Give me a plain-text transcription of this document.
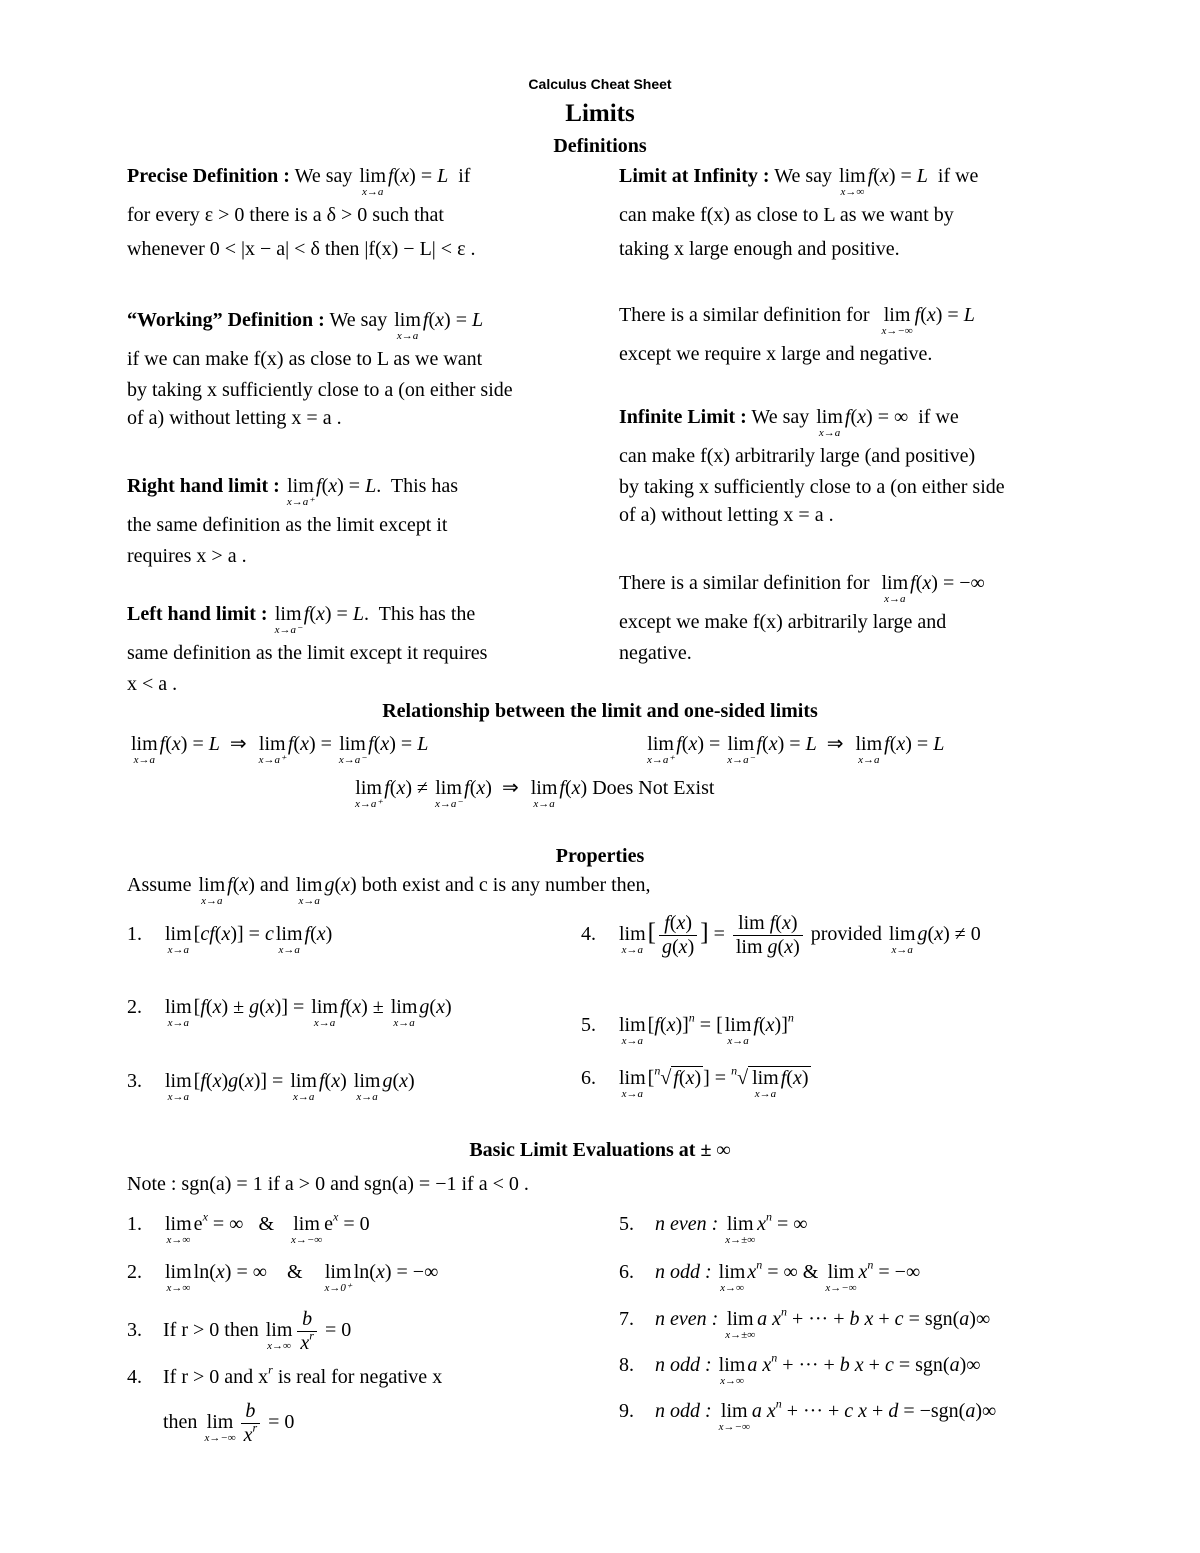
Calculus Cheat Sheet
Limits
Definitions
Precise Definition : We say lim
x→a
f(x) = L if
for every ε > 0 there is a δ > 0 such that
whenever 0 < |x − a| < δ then |f(x) − L| < ε .
“Working” Definition : We say lim
x→a
f(x) = L
if we can make f(x) as close to L as we want
by taking x sufficiently close to a (on either side
of a) without letting x = a .
Right hand limit : lim
x→a⁺
f(x) = L.  This has
the same definition as the limit except it
requires x > a .
Left hand limit : lim
x→a⁻
f(x) = L.  This has the
same definition as the limit except it requires
x < a .
Limit at Infinity : We say lim
x→∞
f(x) = L if we
can make f(x) as close to L as we want by
taking x large enough and positive.
There is a similar definition for lim
x→−∞
f(x) = L
except we require x large and negative.
Infinite Limit : We say lim
x→a
f(x) = ∞  if we
can make f(x) arbitrarily large (and positive)
by taking x sufficiently close to a (on either side
of a) without letting x = a .
There is a similar definition for lim
x→a
f(x) = −∞
except we make f(x) arbitrarily large and
negative.
Relationship between the limit and one-sided limits
lim
x→a
f(x) = L  ⇒ lim
x→a⁺
f(x) = lim
x→a⁻
f(x) = L	lim
x→a⁺
f(x) = lim
x→a⁻
f(x) = L  ⇒ lim
x→a
f(x) = L
lim
x→a⁺
f(x) ≠ lim
x→a⁻
f(x)  ⇒ lim
x→a
f(x) Does Not Exist
Properties
Assume lim
x→a
f(x) and lim
x→a
g(x) both exist and c is any number then,
1. lim
x→a
[cf(x)] = c lim
x→a
f(x)
2. lim
x→a
[f(x) ± g(x)] = lim
x→a
f(x) ± lim
x→a
g(x)
3. lim
x→a
[f(x)g(x)] = lim
x→a
f(x) lim
x→a
g(x)
4. lim
x→a
[ $\frac{f(x)}{g(x)}$ ] = $\frac{\text{lim f(x)}}{\text{lim g(x)}}$ provided lim
x→a
g(x) ≠ 0
5. lim
x→a
$[f(x)]^n$ = [ lim
x→a
f(x)]$^n$
6. lim
x→a
[$^n$√ f(x) ] = $^n$√ lim
x→a
f(x)
Basic Limit Evaluations at ± ∞
Note : sgn(a) = 1 if a > 0 and sgn(a) = −1 if a < 0 .
1. lim
x→∞
$e^x$ = ∞   & lim
x→−∞
$e^x = 0$
2. lim
x→∞
ln(x) = ∞    & lim
x→0⁺
ln(x) = −∞
3. If r > 0 then lim
$x\to\infty \frac{b}{x^r} = 0$
4. If r > 0 and $x^r$ is real for negative x
then lim
$x\to-\infty \frac{b}{x^r} = 0$
5. n even : lim
x→±∞
$x^n$ = ∞
6. n odd : lim
x→∞
$x^n$ = ∞ & lim
x→−∞
$x^n$ = −∞
7. n even : lim
x→±∞
a $x^n$ + ··· + b x + c = sgn(a)∞
8. n odd : lim
x→∞
a $x^n$ + ··· + b x + c = sgn(a)∞
9. n odd : lim
x→−∞
a $x^n$ + ··· + c x + d = −sgn(a)∞
